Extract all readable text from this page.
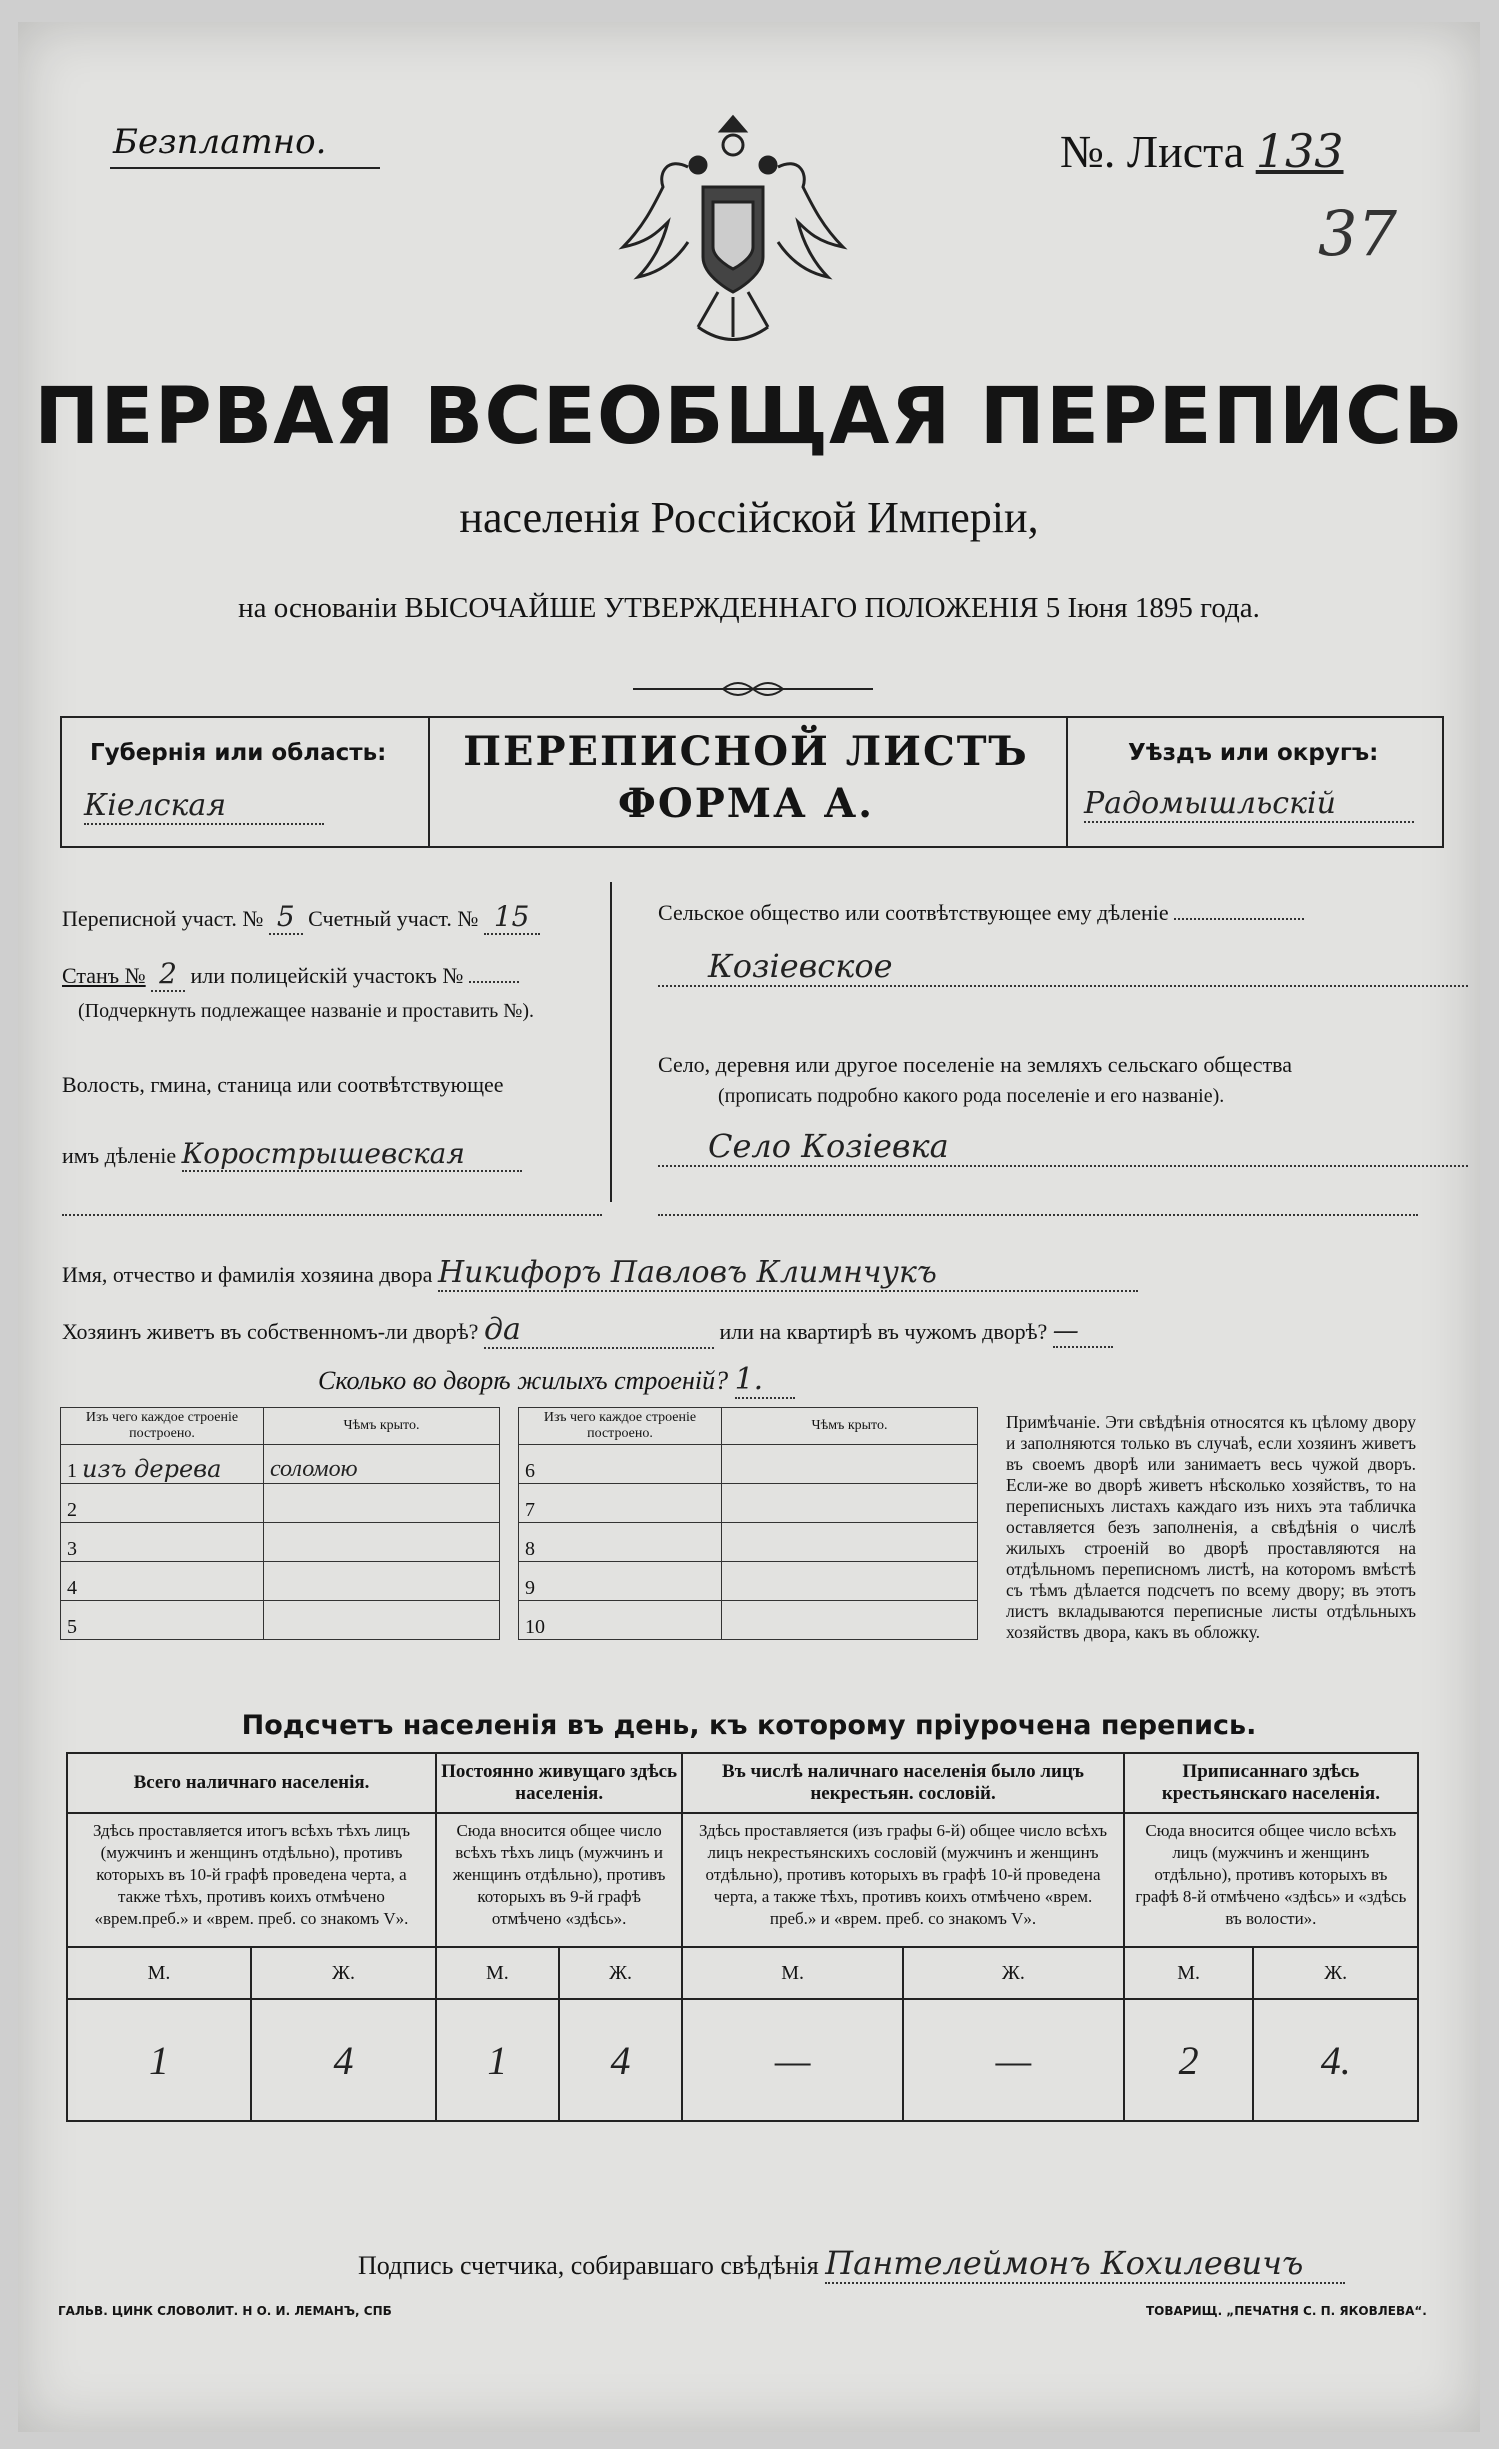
Безплатно.	№. Листа 133
37
ПЕРВАЯ ВСЕОБЩАЯ ПЕРЕПИСЬ
населенія Россійской Имперіи,
на основаніи ВЫСОЧАЙШЕ УТВЕРЖДЕННАГО ПОЛОЖЕНІЯ 5 Іюня 1895 года.
Губернія или область:
Кіелская
ПЕРЕПИСНОЙ ЛИСТЪ
ФОРМА А.
Уѣздъ или округъ:
Радомышльскій
Переписной участ. № 5 Счетный участ. № 15
Станъ № 2 или полицейскій участокъ №
(Подчеркнуть подлежащее названіе и проставить №).
Волость, гмина, станица или соотвѣтствующее
имъ дѣленіе Корострышевская
Сельское общество или соотвѣтствующее ему дѣленіе
Козіевское
Село, деревня или другое поселеніе на земляхъ сельскаго общества
(прописать подробно какого рода поселеніе и его названіе).
Село Козіевка
Имя, отчество и фамилія хозяина двора Никифоръ Павловъ Климнчукъ
Хозяинъ живетъ въ собственномъ-ли дворѣ? да	или на квартирѣ въ чужомъ дворѣ? —
Сколько во дворѣ жилыхъ строеній? 1.
Изъ чего каждое строеніе построено.	Чѣмъ крыто.
1 изъ дерева	соломою
2	
3	
4	
5	
Изъ чего каждое строеніе построено.	Чѣмъ крыто.
6	
7	
8	
9	
10	
Примѣчаніе. Эти свѣдѣнія относятся къ цѣлому двору и заполняются только въ случаѣ, если хозяинъ живетъ въ своемъ дворѣ или занимаетъ весь чужой дворъ. Если-же во дворѣ живетъ нѣсколько хозяйствъ, то на переписныхъ листахъ каждаго изъ нихъ эта табличка оставляется безъ заполненія, а свѣдѣнія о числѣ жилыхъ строеній во дворѣ проставляются на отдѣльномъ переписномъ листѣ, на которомъ вмѣстѣ съ тѣмъ дѣлается подсчетъ по всему двору; въ этотъ листъ вкладываются переписные листы отдѣльныхъ хозяйствъ двора, какъ въ обложку.
Подсчетъ населенія въ день, къ которому пріурочена перепись.
Всего наличнаго населенія.		Постоянно живущаго здѣсь населенія.		Въ числѣ наличнаго населенія было лицъ некрестьян. сословій.		Приписаннаго здѣсь крестьянскаго населенія.	
Здѣсь проставляется итогъ всѣхъ тѣхъ лицъ (мужчинъ и женщинъ отдѣльно), противъ которыхъ въ 10-й графѣ проведена черта, а также тѣхъ, противъ коихъ отмѣчено «врем.преб.» и «врем. преб. со знакомъ V».		Сюда вносится общее число всѣхъ тѣхъ лицъ (мужчинъ и женщинъ отдѣльно), противъ которыхъ въ 9-й графѣ отмѣчено «здѣсь».		Здѣсь проставляется (изъ графы 6-й) общее число всѣхъ лицъ некрестьянскихъ сословій (мужчинъ и женщинъ отдѣльно), противъ которыхъ въ графѣ 10-й проведена черта, а также тѣхъ, противъ коихъ отмѣчено «врем. преб.» и «врем. преб. со знакомъ V».		Сюда вносится общее число всѣхъ лицъ (мужчинъ и женщинъ отдѣльно), противъ которыхъ въ графѣ 8-й отмѣчено «здѣсь» и «здѣсь въ волости».	
М.	Ж.	М.	Ж.	М.	Ж.	М.	Ж.
1	4	1	4	—	—	2	4.
Подпись счетчика, собиравшаго свѣдѣнія Пантелеймонъ Кохилевичъ
ГАЛЬВ. ЦИНК СЛОВОЛИТ. Н О. И. ЛЕМАНЪ, СПБ	ТОВАРИЩ. „ПЕЧАТНЯ С. П. ЯКОВЛЕВА“.
